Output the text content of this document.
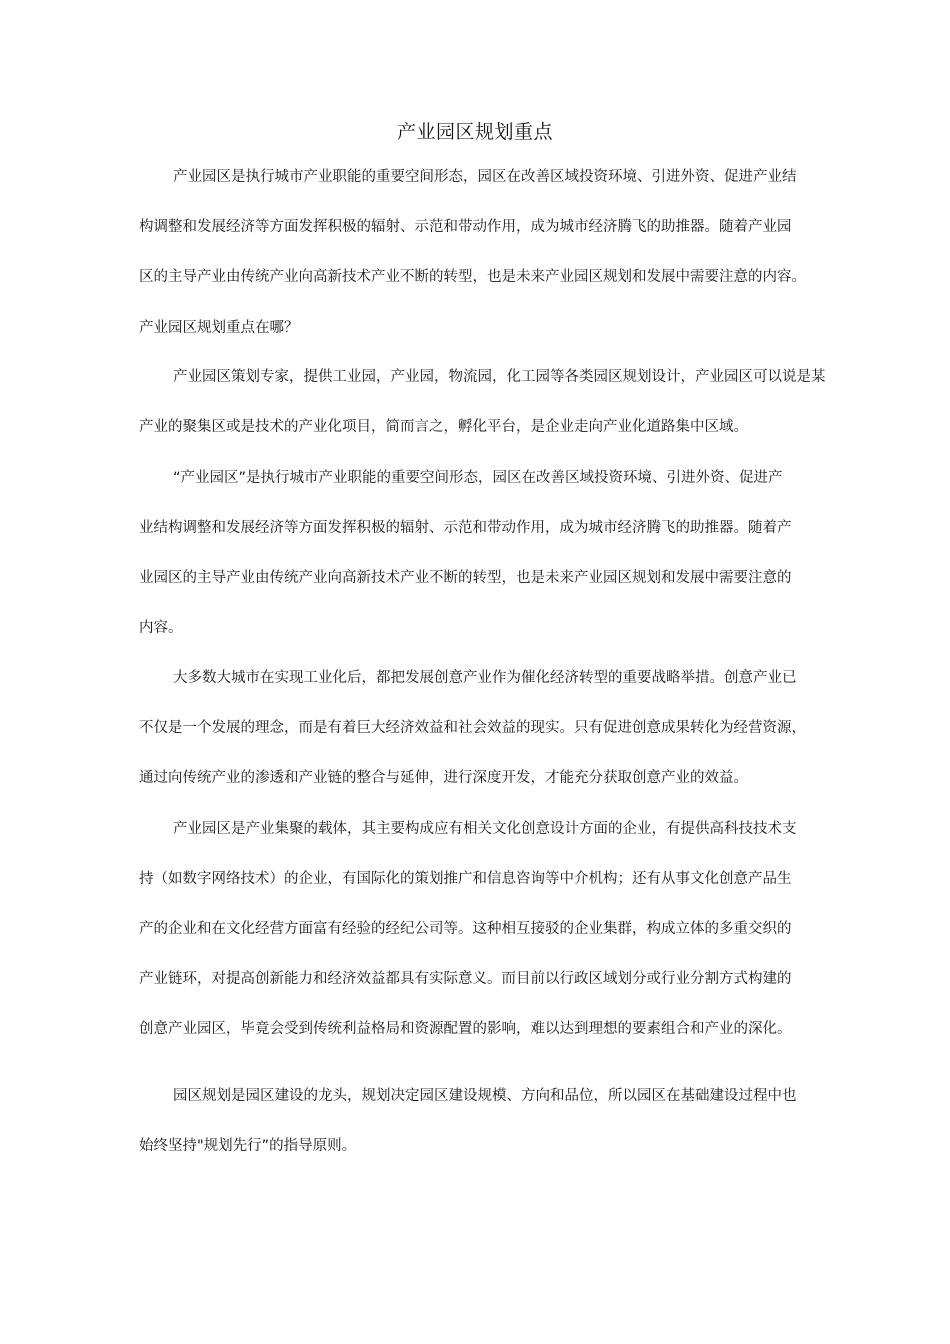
产业园区规划重点
产业园区是执行城市产业职能的重要空间形态，园区在改善区域投资环境、引进外资、促进产业结
构调整和发展经济等方面发挥积极的辐射、示范和带动作用，成为城市经济腾飞的助推器。随着产业园
区的主导产业由传统产业向高新技术产业不断的转型，也是未来产业园区规划和发展中需要注意的内容。
产业园区规划重点在哪？
产业园区策划专家，提供工业园，产业园，物流园，化工园等各类园区规划设计，产业园区可以说是某
产业的聚集区或是技术的产业化项目，简而言之，孵化平台，是企业走向产业化道路集中区域。
“产业园区”是执行城市产业职能的重要空间形态，园区在改善区域投资环境、引进外资、促进产
业结构调整和发展经济等方面发挥积极的辐射、示范和带动作用，成为城市经济腾飞的助推器。随着产
业园区的主导产业由传统产业向高新技术产业不断的转型，也是未来产业园区规划和发展中需要注意的
内容。
大多数大城市在实现工业化后，都把发展创意产业作为催化经济转型的重要战略举措。创意产业已
不仅是一个发展的理念，而是有着巨大经济效益和社会效益的现实。只有促进创意成果转化为经营资源，
通过向传统产业的渗透和产业链的整合与延伸，进行深度开发，才能充分获取创意产业的效益。
产业园区是产业集聚的载体，其主要构成应有相关文化创意设计方面的企业，有提供高科技技术支
持（如数字网络技术）的企业，有国际化的策划推广和信息咨询等中介机构；还有从事文化创意产品生
产的企业和在文化经营方面富有经验的经纪公司等。这种相互接驳的企业集群，构成立体的多重交织的
产业链环，对提高创新能力和经济效益都具有实际意义。而目前以行政区域划分或行业分割方式构建的
创意产业园区，毕竟会受到传统利益格局和资源配置的影响，难以达到理想的要素组合和产业的深化。
园区规划是园区建设的龙头，规划决定园区建设规模、方向和品位，所以园区在基础建设过程中也
始终坚持"规划先行”的指导原则。
